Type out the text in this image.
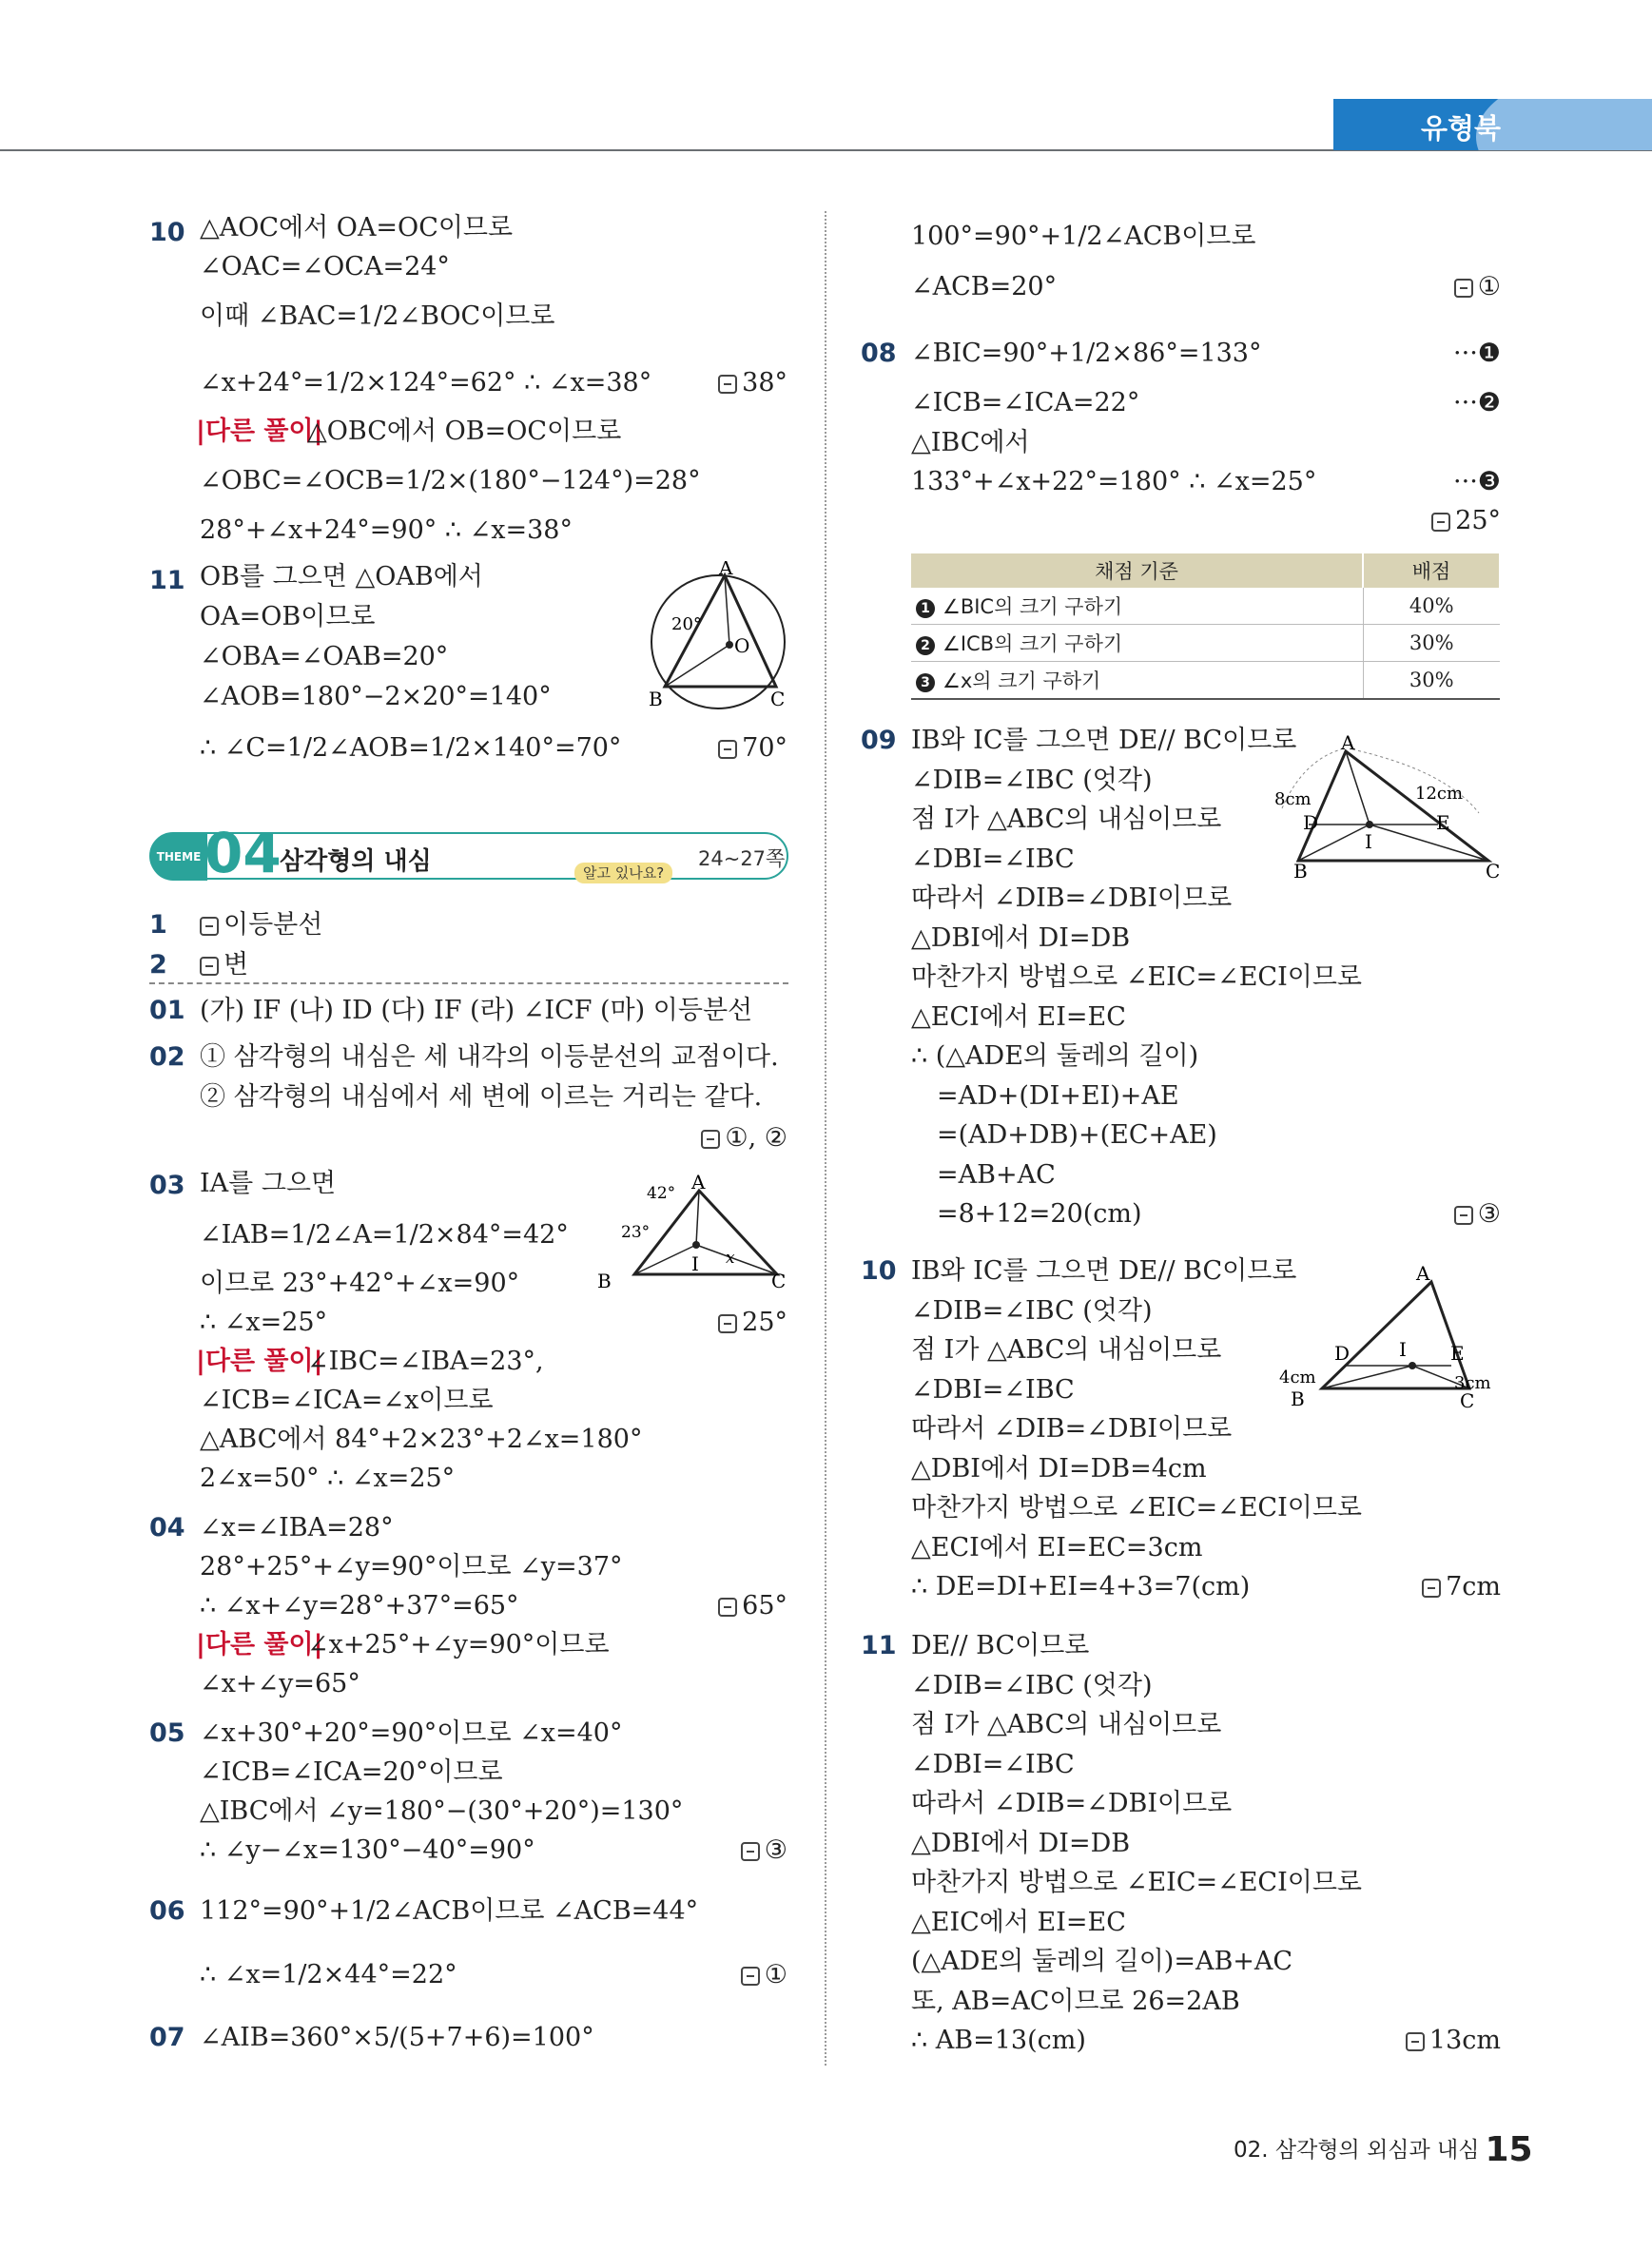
유형북
10 △AOC에서 OA=OC이므로
∠OAC=∠OCA=24°
이때 ∠BAC=1/2∠BOC이므로
∠x+24°=1/2×124°=62° ∴ ∠x=38°	38°
|다른 풀이|
△OBC에서 OB=OC이므로
∠OBC=∠OCB=1/2×(180°−124°)=28°
28°+∠x+24°=90° ∴ ∠x=38°
11 OB를 그으면 △OAB에서
OA=OB이므로
∠OBA=∠OAB=20°
∠AOB=180°−2×20°=140°
∴ ∠C=1/2∠AOB=1/2×140°=70°	70°
1	이등분선
2	변
01 (가) IF (나) ID (다) IF (라) ∠ICF (마) 이등분선
02 ① 삼각형의 내심은 세 내각의 이등분선의 교점이다.
② 삼각형의 내심에서 세 변에 이르는 거리는 같다.
①, ②
03 IA를 그으면
∠IAB=1/2∠A=1/2×84°=42°
이므로 23°+42°+∠x=90°
∴ ∠x=25°	25°
|다른 풀이|
∠IBC=∠IBA=23°,
∠ICB=∠ICA=∠x이므로
△ABC에서 84°+2×23°+2∠x=180°
2∠x=50° ∴ ∠x=25°
04 ∠x=∠IBA=28°
28°+25°+∠y=90°이므로 ∠y=37°
∴ ∠x+∠y=28°+37°=65°	65°
|다른 풀이|
∠x+25°+∠y=90°이므로
∠x+∠y=65°
05 ∠x+30°+20°=90°이므로 ∠x=40°
∠ICB=∠ICA=20°이므로
△IBC에서 ∠y=180°−(30°+20°)=130°
∴ ∠y−∠x=130°−40°=90°	③
06 112°=90°+1/2∠ACB이므로 ∠ACB=44°
∴ ∠x=1/2×44°=22°	①
07 ∠AIB=360°×5/(5+7+6)=100°
100°=90°+1/2∠ACB이므로
∠ACB=20°	①
08 ∠BIC=90°+1/2×86°=133°	···❶
∠ICB=∠ICA=22°	···❷
△IBC에서
133°+∠x+22°=180° ∴ ∠x=25°	···❸
25°
09 IB와 IC를 그으면 DE// BC이므로
∠DIB=∠IBC (엇각)
점 I가 △ABC의 내심이므로
∠DBI=∠IBC
따라서 ∠DIB=∠DBI이므로
△DBI에서 DI=DB
마찬가지 방법으로 ∠EIC=∠ECI이므로
△ECI에서 EI=EC
∴ (△ADE의 둘레의 길이)
=AD+(DI+EI)+AE
=(AD+DB)+(EC+AE)
=AB+AC
=8+12=20(cm)	③
10 IB와 IC를 그으면 DE// BC이므로
∠DIB=∠IBC (엇각)
점 I가 △ABC의 내심이므로
∠DBI=∠IBC
따라서 ∠DIB=∠DBI이므로
△DBI에서 DI=DB=4cm
마찬가지 방법으로 ∠EIC=∠ECI이므로
△ECI에서 EI=EC=3cm
∴ DE=DI+EI=4+3=7(cm)	7cm
11 DE// BC이므로
∠DIB=∠IBC (엇각)
점 I가 △ABC의 내심이므로
∠DBI=∠IBC
따라서 ∠DIB=∠DBI이므로
△DBI에서 DI=DB
마찬가지 방법으로 ∠EIC=∠ECI이므로
△EIC에서 EI=EC
(△ADE의 둘레의 길이)=AB+AC
또, AB=AC이므로 26=2AB
∴ AB=13(cm)	13cm
THEME 04
삼각형의 내심	알고 있나요?
24~27쪽
채점 기준	배점
1 ∠BIC의 크기 구하기	40%
2 ∠ICB의 크기 구하기	30%
3 ∠x의 크기 구하기	30%
A
B	C
O
20°
A
B	C
I
42°
23°
x
A
B	C
D	E
I
8cm	12cm
A
B	C
D	E
I
4cm	3cm
02. 삼각형의 외심과 내심 15
